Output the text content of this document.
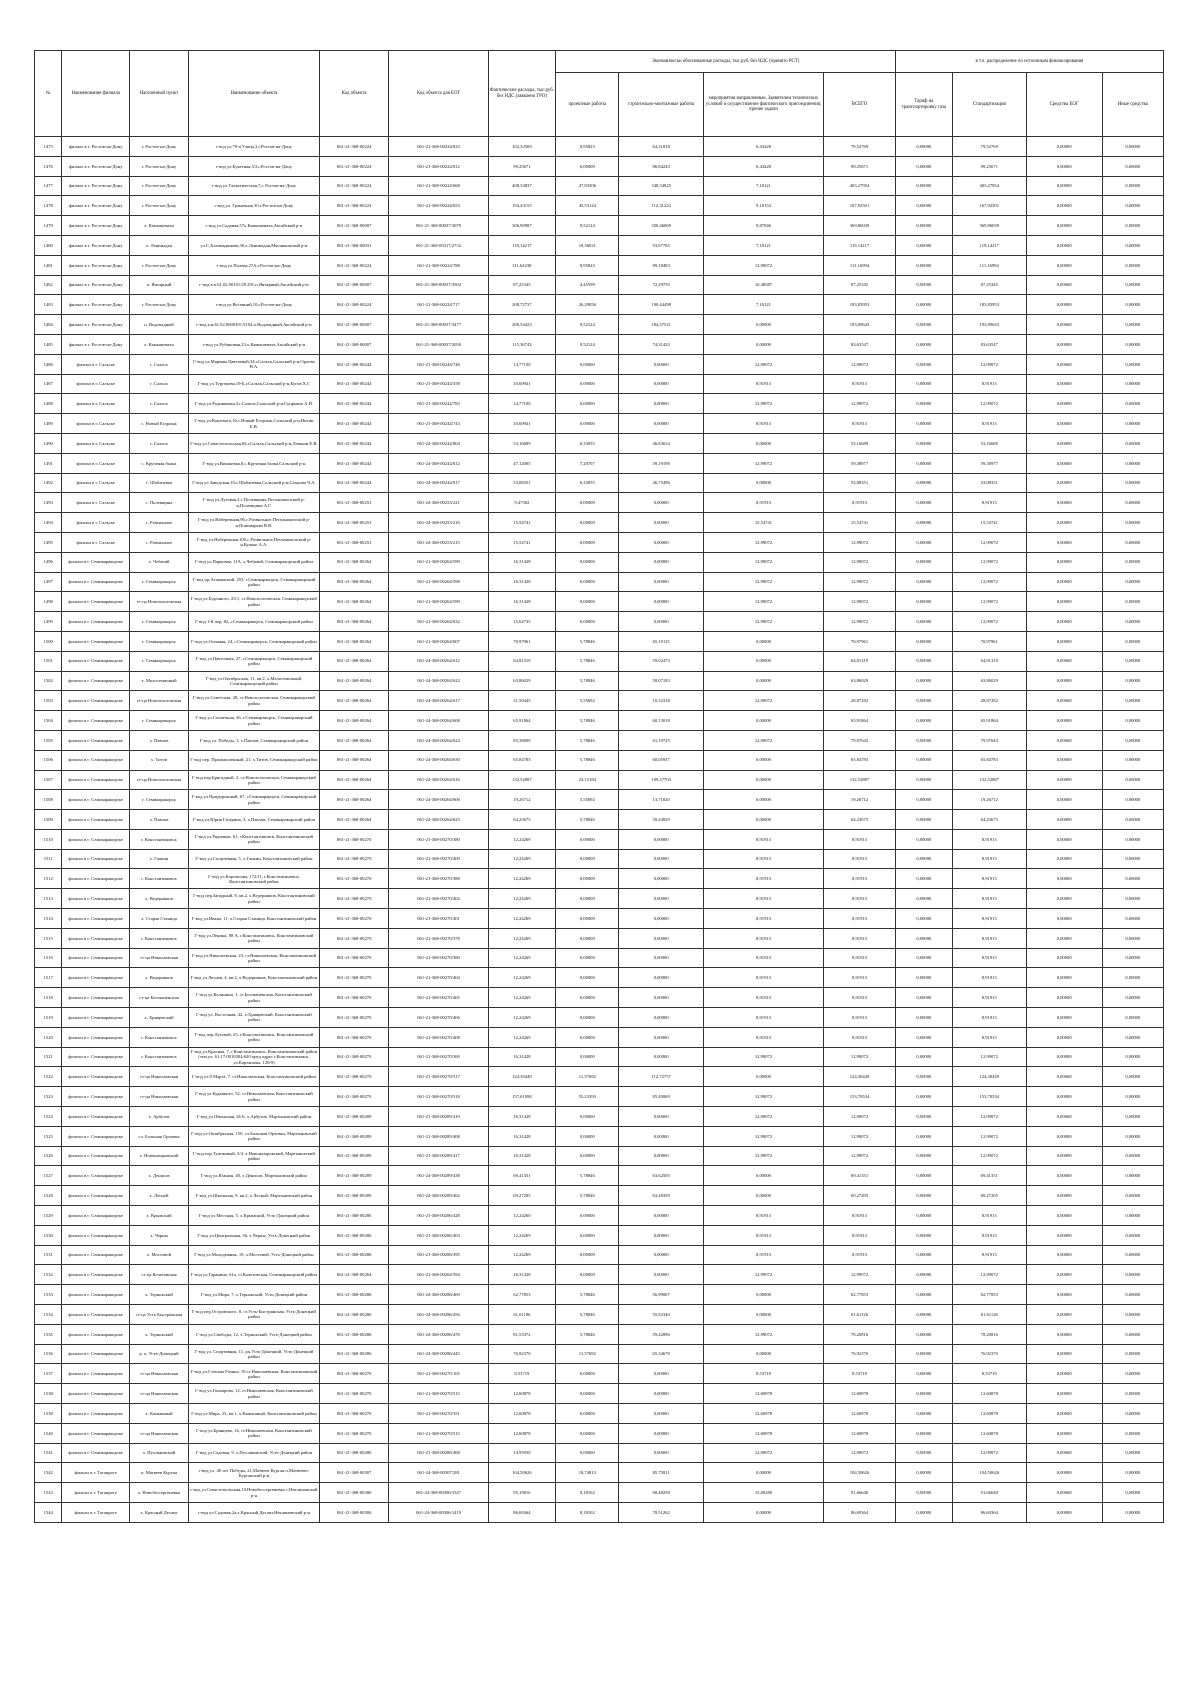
№	Наименование филиала	Населенный пункт	Наименование объекта	Код объекта	Код объекта для ЕОГ	Фактические расходы, тыс.руб. без НДС (заявлено ГРО)	Экономически обоснованные расходы, тыс.руб. без НДС (принято РСТ)				в т.ч. распределение по источникам финансирования			
							проектные работы	строительно-монтажные работы	мероприятия направленные, Заявителем технических условий и осуществление фактического присоединения; прочие задачи	ВСЕГО	Тариф на транспортировку газа	Стандартизация	Средства ЕОГ	Иные средства
1475	филиал в г. Ростов-на-Дону	г. Ростов-на-Дону	г-вод ул.70-я Улица,3,г.Ростов-на-Дону	061-21-368-00224	061-21-368-00224/823	102,32569	8,95823	64,31818	6,43428	79,52769	0,00000	79,52769	0,00000	0,00000
1476	филиал в г. Ростов-на-Дону	г. Ростов-на-Дону	г-вод ул.Букетная,3/2,г.Ростов-на-Дону	061-21-368-00224	061-21-368-00224/812	99,25671	6,00000	86,84243	6,43428	99,25671	0,00000	99,25671	0,00000	0,00000
1477	филиал в г. Ростов-на-Дону	г. Ростов-на-Дону	г-вод ул.Галактическая,7,г. Ростов-на-Дону	061-21-368-00224	061-21-368-00224/668	408,34837	47,83306	348,34825	7,10121	403,27954	0,00000	403,27954	0,00000	0,00000
1478	филиал в г. Ростов-на-Дону	г. Ростов-на-Дону	г-вод ул. Граничная 30,г.Ростов-на-Дону	061-21-368-00224	061-21-368-00224/653	194,43155	45,53124	112,31224	9,10153	167,92501	0,00000	167,92501	0,00000	0,00000
1479	филиал в г. Ростов-на-Дону	х. Камышеваха	г-вод ул.Садовая,57х.Камышеваха,Аксайский р-н	061-21-368-00007	061-21-368-00037/3079	306,90987	9,52124	350,46069	9,87846	369,86039	0,00000	369,86039	0,00000	0,00000
1480	филиал в г. Ростов-на-Дону	х. Ленинадан	ул.С.Хахамадинова,30,х.Ленинадан,Мясниковский р-н	061-21-368-00031	061-21-368-00317/2732	119,14217	18,36921	93,67765	7,10121	119,14217	0,00000	119,14217	0,00000	0,00000
1481	филиал в г. Ростов-на-Дону	г. Ростов-на-Дону	г-вод ул.Полева,27А,г.Ростов-на-Дону	061-21-368-00224	061-21-368-00224/788	111,64238	8,95823	89,18403	12,99072	111,16994	0,00000	111,16994	0,00000	0,00000
1482	филиал в г. Ростов-на-Дону	п. Янтарный	г-вод в.к.61.02.90101/29.291,п.Янтарный,Аксайский р-н	061-21-368-00007	061-21-368-00037/3502	87,25345	4,45599	72,29759	10,48587	87,25345	0,00000	87,25345	0,00000	0,00000
1483	филиал в г. Ростов-на-Дону	г. Ростов-на-Дону	г-вод ул.Весенний,10,г.Ростов-на-Дону	061-21-368-00224	061-21-368-00224/717	208,72737	26,29056	190,44498	7,10121	183,83953	0,00000	183,83953	0,00000	0,00000
1484	филиал в г. Ростов-на-Дону	п. Водопадный	г-вод к.н.61.02.0600101.9104,п.Водопадный,Аксайский р-н	061-21-368-00007	061-21-368-00037/3477	200,54423	9,52124	184,37521	0,00000	193,89643	0,00000	193,89643	0,00000	0,00000
1485	филиал в г. Ростов-на-Дону	х. Камышеваха	г-вод ул.Рубиновая,23,х.Камышеваха,Аксайский р-н	061-21-368-00007	061-21-368-00037/2050	115,36743	9,52124	74,31423	0,00000	83,63547	0,00000	83,63547	0,00000	0,00000
1486	филиал в г. Сальске	г. Сальск	Г-вод ул.Марины Цветаевой,34,г.Сальск,Сальский р-н,Орлова Н.А.	061-21-368-00244	061-21-368-00244/746	14,77100	0,00000	0,00000	12,99072	12,99072	0,00000	12,99072	0,00000	0,00000
1487	филиал в г. Сальске	г. Сальск	Г-вод ул.Тургенева,19-Б,г.Сальск,Сальский р-н,Бугов Х.Г.	061-21-368-00244	061-21-368-00244/558	10,69941	0,00000	0,00000	8,91913	8,91913	0,00000	8,91913	0,00000	0,00000
1488	филиал в г. Сальске	г. Сальск	Г-вод ул.Родниковая,3,г.Сальск,Сальский р-н,Супрьяно А.И.	061-21-368-00244	061-21-368-00244/783	14,77100	0,00000	0,00000	12,99072	12,99072	0,00000	12,99072	0,00000	0,00000
1489	филиал в г. Сальске	с. Новый Егорлык	Г-вод ул.Кошевого,16,с.Новый Егорлык,Сальский р-н,Нитин Б.В.	061-21-368-00244	061-21-368-00244/743	10,69941	0,00000	0,00000	8,91913	8,91913	0,00000	8,91913	0,00000	0,00000
1490	филиал в г. Сальске	г. Сальск	Г-вод ул.Севастопольская,84,г.Сальск,Сальский р-н,Левшин Е.В.	061-21-368-00244	061-24-368-00244/804	53,16689	6,33055	46,83634	0,00000	53,16689	0,00000	53,16689	0,00000	0,00000
1491	филиал в г. Сальске	с. Крученая балка	Г-вод ул.Вишневая,8,с.Крученая балка,Сальский р-н	061-21-368-00244	061-24-368-00244/812	47,12005	7,20707	39,19198	12,99072	59,38977	0,00000	59,38977	0,00000	0,00000
1492	филиал в г. Сальске	с. Шаблиевка	Г-вод ул.Заводская,10,с.Шаблиевка,Сальский р-н,Сахнова Ч.А.	061-21-368-00244	061-24-368-00244/817	53,08351	6,33055	46,75496	0,00000	53,08351	0,00000	53,08351	0,00000	0,00000
1493	филиал в г. Сальске	с. Полевщина	Г-вод ул.Луговая,2,с.Полевщина,Песчанокопский р-н,Полевщина А.Г.	061-21-368-00253	061-24-368-00253/221	9,47582	0,00000	0,00000	8,91913	8,91913	0,00000	8,91913	0,00000	0,00000
1494	филиал в г. Сальске	с. Развильное	Г-вод ул.Набережная,96,с.Развильное,Песчанокопский р-н,Пономарева В.В.	061-21-368-00253	061-24-368-00253/216	15,54741	0,00000	0,00000	15,54741	15,54741	0,00000	15,54741	0,00000	0,00000
1495	филиал в г. Сальске	с. Развильное	Г-вод ул.Набережная,100,с.Развильное,Песчанокопский р-н,Кулько А.А.	061-21-368-00253	061-24-368-00253/215	15,54741	0,00000	0,00000	12,99072	12,99072	0,00000	12,99072	0,00000	0,00000
1496	филиал в г. Семикаракорске	х. Чебачий	Г-вод ул.Парковая, 11А, х.Чебачий, Семикаракорский район	061-21-368-00264	061-21-368-00264/599	16,31428	0,00000	0,00000	12,99072	12,99072	0,00000	12,99072	0,00000	0,00000
1497	филиал в г. Семикаракорске	г. Семикаракорск	Г-вод пр.Атаманский, 253, г.Семикаракорск, Семикаракорский район	061-21-368-00264	061-21-368-00264/598	16,31428	0,00000	0,00000	12,99072	12,99072	0,00000	12,99072	0,00000	0,00000
1498	филиал в г. Семикаракорске	ст-ца Новозолотовская	Г-вод ул.Буденного, 25/1, ст.Новозолотовская, Семикаракорский район	061-21-368-00264	061-21-368-00264/599	16,31428	0,00000	0,00000	12,99072	12,99072	0,00000	12,99072	0,00000	0,00000
1499	филиал в г. Семикаракорске	г. Семикаракорск	Г-вод 1-й пер, 82, г.Семикаракорск, Семикаракорский район	061-21-368-00264	061-21-368-00264/632	15,62735	0,00000	0,00000	12,99072	12,99072	0,00000	12,99072	0,00000	0,00000
1500	филиал в г. Семикаракорске	г. Семикаракорск	Г-вод ул.Осенняя, 24, г.Семикаракорск, Семикаракорский район	061-21-368-00264	061-21-368-00264/607	70,97961	5,78846	65,19115	0,00000	70,97961	0,00000	70,97961	0,00000	0,00000
1501	филиал в г. Семикаракорске	г. Семикаракорск	Г-вод ул.Цветочная, 27, г.Семикаракорск, Семикаракорский район	061-21-368-00264	061-24-368-00264/612	64,81319	5,78846	59,02473	0,00000	64,81319	0,00000	64,81319	0,00000	0,00000
1502	филиал в г. Семикаракорске	х. Малосемичный	Г-вод ул.Октябрьская, 11, кв.2, х.Малосемичный, Семикаракорский район	061-21-368-00264	061-24-368-00264/622	63,86029	5,78846	58,07183	0,00000	63,86029	0,00000	63,86029	0,00000	0,00000
1503	филиал в г. Семикаракорске	ст-ца Новозолотовская	Г-вод ул.Советская, 28, ст.Новозолотовская, Семикаракорский район	061-21-368-00264	061-24-368-00264/617	31,50445	5,55692	10,32318	12,99072	28,87282	0,00000	28,87282	0,00000	0,00000
1504	филиал в г. Семикаракорске	г. Семикаракорск	Г-вод ул.Солнечная, 36, г.Семикаракорск, Семикаракорский район	061-21-368-00264	061-24-368-00264/608	65,91864	5,78846	60,13018	0,00000	65,91864	0,00000	65,91864	0,00000	0,00000
1505	филиал в г. Семикаракорске	х. Павлов	Г-вод ул. Победы, 1, х.Павлов, Семикаракорский район	061-21-368-00264	061-24-368-00264/624	83,38009	5,78846	61,19725	12,99072	79,97643	0,00000	79,97643	0,00000	0,00000
1506	филиал в г. Семикаракорске	х. Титов	Г-вод пер. Промышленный, 21, х.Титов, Семикаракорский район	061-21-368-00264	061-24-368-00264/630	65,84783	5,78846	60,05937	0,00000	65,84783	0,00000	65,84783	0,00000	0,00000
1507	филиал в г. Семикаракорске	ст-ца Новозолотовская	Г-вод пер.Бригадный, 2, ст.Новозолотовская, Семикаракорский район	061-21-368-00264	061-24-368-00264/616	132,52887	23,15184	109,37703	0,00000	132,52887	0,00000	132,52887	0,00000	0,00000
1508	филиал в г. Семикаракорске	г. Семикаракорск	Г-вод ул.Придорожный, 67, г.Семикаракорск, Семикаракорский район	061-21-368-00264	061-24-368-00264/606	19,26712	5,55692	13,71020	0,00000	19,26712	0,00000	19,26712	0,00000	0,00000
1509	филиал в г. Семикаракорске	х. Павлов	Г-вод ул.Юрия Гагарина, 3, х.Павлов, Семикаракорский район	061-21-368-00264	061-24-368-00264/625	64,23675	5,78846	58,44829	0,00000	64,23675	0,00000	64,23675	0,00000	0,00000
1510	филиал в г. Семикаракорске	г. Константиновск	Г-вод ул.Рядчиков, 61, г.Константиновск, Константиновский район	061-21-368-00270	061-21-368-00270/380	12,24269	0,00000	0,00000	8,91913	8,91913	0,00000	8,91913	0,00000	0,00000
1511	филиал в г. Семикаракорске	х. Гапкин	Г-вод ул.Спортивная, 5, х.Гапкин, Константиновский район	061-21-368-00270	061-21-368-00270/400	12,24269	0,00000	0,00000	8,91913	8,91913	0,00000	8,91913	0,00000	0,00000
1512	филиал в г. Семикаракорске	г. Константиновск	Г-вод ул.Карташова, 172/11, г.Константиновск, Константиновский район	061-21-368-00270	061-21-368-00270/388	12,24269	0,00000	0,00000	8,91913	8,91913	0,00000	8,91913	0,00000	0,00000
1513	филиал в г. Семикаракорске	х. Ведерников	Г-вод пер.Западный, 8, кв.2, х.Ведерников, Константиновский район	061-21-368-00270	061-21-368-00270/402	12,24269	0,00000	0,00000	8,91913	8,91913	0,00000	8,91913	0,00000	0,00000
1514	филиал в г. Семикаракорске	х. Старая Станица	Г-вод ул.Ивана, 11, х.Старая Станица, Константиновский район	061-21-368-00270	061-21-368-00270/401	12,24269	0,00000	0,00000	8,91913	8,91913	0,00000	8,91913	0,00000	0,00000
1515	филиал в г. Семикаракорске	г. Константиновск	Г-вод ул.Ленина, 88 А, г.Константиновск, Константиновский район	061-21-368-00270	061-21-368-00270/378	12,24269	0,00000	0,00000	8,91913	8,91913	0,00000	8,91913	0,00000	0,00000
1516	филиал в г. Семикаракорске	ст-ца Николаевская	Г-вод ул.Николаевская, 23, ст.Николаевская, Константиновский район	061-21-368-00270	061-21-368-00270/380	12,24269	0,00000	0,00000	8,91913	8,91913	0,00000	8,91913	0,00000	0,00000
1517	филиал в г. Семикаракорске	х. Ведерников	Г-вод ул.Лесная, 4, кв.2, х.Ведерников, Константиновский район	061-21-368-00270	061-21-368-00270/404	12,24269	0,00000	0,00000	8,91913	8,91913	0,00000	8,91913	0,00000	0,00000
1518	филиал в г. Семикаракорске	ст-ца Богоявленская	Г-вод ул.Калинина, 1, ст.Богоявленская, Константиновский район	061-21-368-00270	061-21-368-00270/405	12,24269	0,00000	0,00000	8,91913	8,91913	0,00000	8,91913	0,00000	0,00000
1519	филиал в г. Семикаракорске	х. Хрящевский	Г-вод ул. Восточная, 42, х.Хрящевский, Константиновский район	061-21-368-00270	061-21-368-00270/406	12,24269	0,00000	0,00000	8,91913	8,91913	0,00000	8,91913	0,00000	0,00000
1520	филиал в г. Семикаракорске	г. Константиновск	Г-вод пер.Луговой, 25, г.Константиновск, Константиновский район	061-21-368-00270	061-21-368-00270/408	12,24269	0,00000	0,00000	8,91913	8,91913	0,00000	8,91913	0,00000	0,00000
1521	филиал в г. Семикаракорске	г. Константиновск	Г-вод ул.Красная, 7, г.Константиновск, Константиновский район (зем.уч. 61:17:0010304:620 пред.адрес г.Константиновск, ул.Карташова, 129/9)	061-21-368-00270	061-21-368-00270/369	16,31428	0,00000	0,00000	12,99072	12,99072	0,00000	12,99072	0,00000	0,00000
1522	филиал в г. Семикаракорске	ст-ца Николаевская	Г-вод ул.8 Марта, 7, ст.Николаевская, Константиновский район	061-21-368-00270	061-21-368-00270/517	124,30449	11,57692	112,72757	0,00000	124,30449	0,00000	124,30449	0,00000	0,00000
1523	филиал в г. Семикаракорске	ст-ца Николаевская	Г-вод ул.Буденного, 52, ст.Николаевская, Константиновский район	061-21-368-00270	061-21-368-00270/518	157,61098	55,23393	85,40069	12,99072	153,70534	0,00000	153,70534	0,00000	0,00000
1524	филиал в г. Семикаракорске	х. Арбузов	Г-вод ул.Школьная, 26 Б, х.Арбузов, Мартыновский район	061-21-368-00289	061-21-368-00289/410	16,31428	0,00000	0,00000	12,99072	12,99072	0,00000	12,99072	0,00000	0,00000
1525	филиал в г. Семикаракорске	сл. Большая Орловка	Г-вод ул.Октябрьская, 150, сл.Большая Орловка, Мартыновский район	061-21-368-00289	061-21-368-00289/408	16,31428	0,00000	0,00000	12,99072	12,99072	0,00000	12,99072	0,00000	0,00000
1526	филиал в г. Семикаракорске	х. Новоназаровский	Г-вод пер.Тупиковый, 3/4, х.Новоназаровский, Мартыновский район	061-21-368-00289	061-21-368-00289/417	16,31428	0,00000	0,00000	12,99072	12,99072	0,00000	12,99072	0,00000	0,00000
1527	филиал в г. Семикаракорске	х. Денисов	Г-вод ул.Южная, 40, х.Денисов, Мартыновский район	061-21-368-00289	061-24-368-00289/438	69,41351	5,78846	63,62505	0,00000	69,41351	0,00000	69,41351	0,00000	0,00000
1528	филиал в г. Семикаракорске	х. Лесной	Г-вод ул.Школьная, 9, кв.2, х.Лесной, Мартыновский район	061-21-368-00289	061-24-368-00289/462	69,27205	5,78846	63,48359	0,00000	69,27205	0,00000	69,27205	0,00000	0,00000
1529	филиал в г. Семикаракорске	х. Крымский	Г-вод ул.Местная, 5, х.Крымский, Усть-Донецкий район	061-21-368-00286	061-21-368-00286/428	12,24260	0,00000	0,00000	8,91913	8,91913	0,00000	8,91913	0,00000	0,00000
1530	филиал в г. Семикаракорске	х. Черны	Г-вод ул.Центральная, 36, х.Черны, Усть-Донецкий район	061-21-368-00286	061-21-368-00286/403	12,24269	0,00000	0,00000	8,91913	8,91913	0,00000	8,91913	0,00000	0,00000
1531	филиал в г. Семикаракорске	х. Мостовой	Г-вод ул.Молодежная, 19, х.Мостовой, Усть-Донецкий район	061-21-368-00286	061-21-368-00286/395	12,24269	0,00000	0,00000	8,91913	8,91913	0,00000	8,91913	0,00000	0,00000
1532	филиал в г. Семикаракорске	ст-ца Кочетовская	Г-вод ул.Гаранина, 61а, ст.Кочетовская, Семикаракорский район	061-21-368-00264	061-21-368-00264/594	16,31428	0,00000	0,00000	12,99072	12,99072	0,00000	12,99072	0,00000	0,00000
1533	филиал в г. Семикаракорске	х. Тернокский	Г-вод ул.Мира, 7, х.Тернокский, Усть-Донецкий район	061-21-368-00286	061-24-368-00286/469	62,77853	5,78846	56,99007	0,00000	62,77853	0,00000	62,77853	0,00000	0,00000
1534	филиал в г. Семикаракорске	ст-ца Усть-Быстрянская	Г-вод пер.Островского, 8, ст.Усть-Быстрянская, Усть-Донецкий район	061-21-368-00286	061-24-368-00286/456	61,61186	5,78846	55,82340	0,00000	61,61126	0,00000	61,61126	0,00000	0,00000
1535	филиал в г. Семикаракорске	х. Тернокский	Г-вод ул.Свободы, 12, х.Тернокский, Усть-Донецкий район	061-21-368-00286	061-24-368-00286/470	81,53372	5,78846	59,42896	12,99072	78,20816	0,00000	78,20816	0,00000	0,00000
1536	филиал в г. Семикаракорске	р. п. Усть-Донецкий	Г-вод ул. Спортивная, 11, рп.Усть-Донецкий, Усть-Донецкий район	061-21-368-00286	061-24-368-00286/445	76,92370	11,57692	65,34678	0,00000	76,92370	0,00000	76,92370	0,00000	0,00000
1537	филиал в г. Семикаракорске	ст-ца Николаевская	Г-вод ул.Степана Разина, 19,ст.Николаевская, Константиновский район	061-21-368-00270	061-21-368-00270/105	8,53719	0,00000	0,00000	8,53719	8,53719	0,00000	8,53719	0,00000	0,00000
1538	филиал в г. Семикаракорске	ст-ца Николаевская	Г-вод ул.Гончарова, 12, ст.Николаевская, Константиновский район	061-21-368-00270	061-21-368-00270/515	12,60878	0,00000	0,00000	12,60878	12,60878	0,00000	12,60878	0,00000	0,00000
1539	филиал в г. Семикаракорске	х. Камышный	Г-вод ул.Мира, 23, кв.1, х.Камышный, Константиновский район	061-21-368-00270	061-21-368-00270/351	12,60878	0,00000	0,00000	12,60878	12,60878	0,00000	12,60878	0,00000	0,00000
1540	филиал в г. Семикаракорске	ст-ца Николаевская	Г-вод ул.Брянцева, 14, ст.Николаевская, Константиновский район	061-21-368-00270	061-21-368-00270/515	12,60878	0,00000	0,00000	12,60878	12,60878	0,00000	12,60878	0,00000	0,00000
1541	филиал в г. Семикаракорске	х. Пухляковский	Г-вод ул.Садовая, 9, х.Пухляковский, Усть-Донецкий район	061-21-368-00286	061-21-368-00286/468	14,95930	0,00000	0,00000	12,99072	12,99072	0,00000	12,99072	0,00000	0,00000
1542	филиал в г. Таганроге	п. Матвеев Курган	г-вод ул. 40 лет Победы, 21,Матвеев Курган п,Матвеево-Курганский р-н	061-21-368-00307	061-24-368-00307/281	104,50626	18,74813	85,75811	0,00000	104,50626	0,00000	104,50626	0,00000	0,00000
1543	филиал в г. Таганроге	х. Новобессергеневка	г-вод ул.Севастопольская,10,Новобессергеневка с,Неклиновский р-н	061-21-368-00306	061-24-368-00306/1547	95,19816	8,18102	68,48258	15,00280	91,66640	0,00000	91,66640	0,00000	0,00000
1544	филиал в г. Таганроге	х. Красный Десант	г-вод ул.Садовая,2а,х.Красный Десант,Неклиновский р-н	061-21-368-00306	061-24-368-00306/1419	86,69364	8,18102	78,51262	0,00000	86,69364	0,00000	86,69364	0,00000	0,00000
